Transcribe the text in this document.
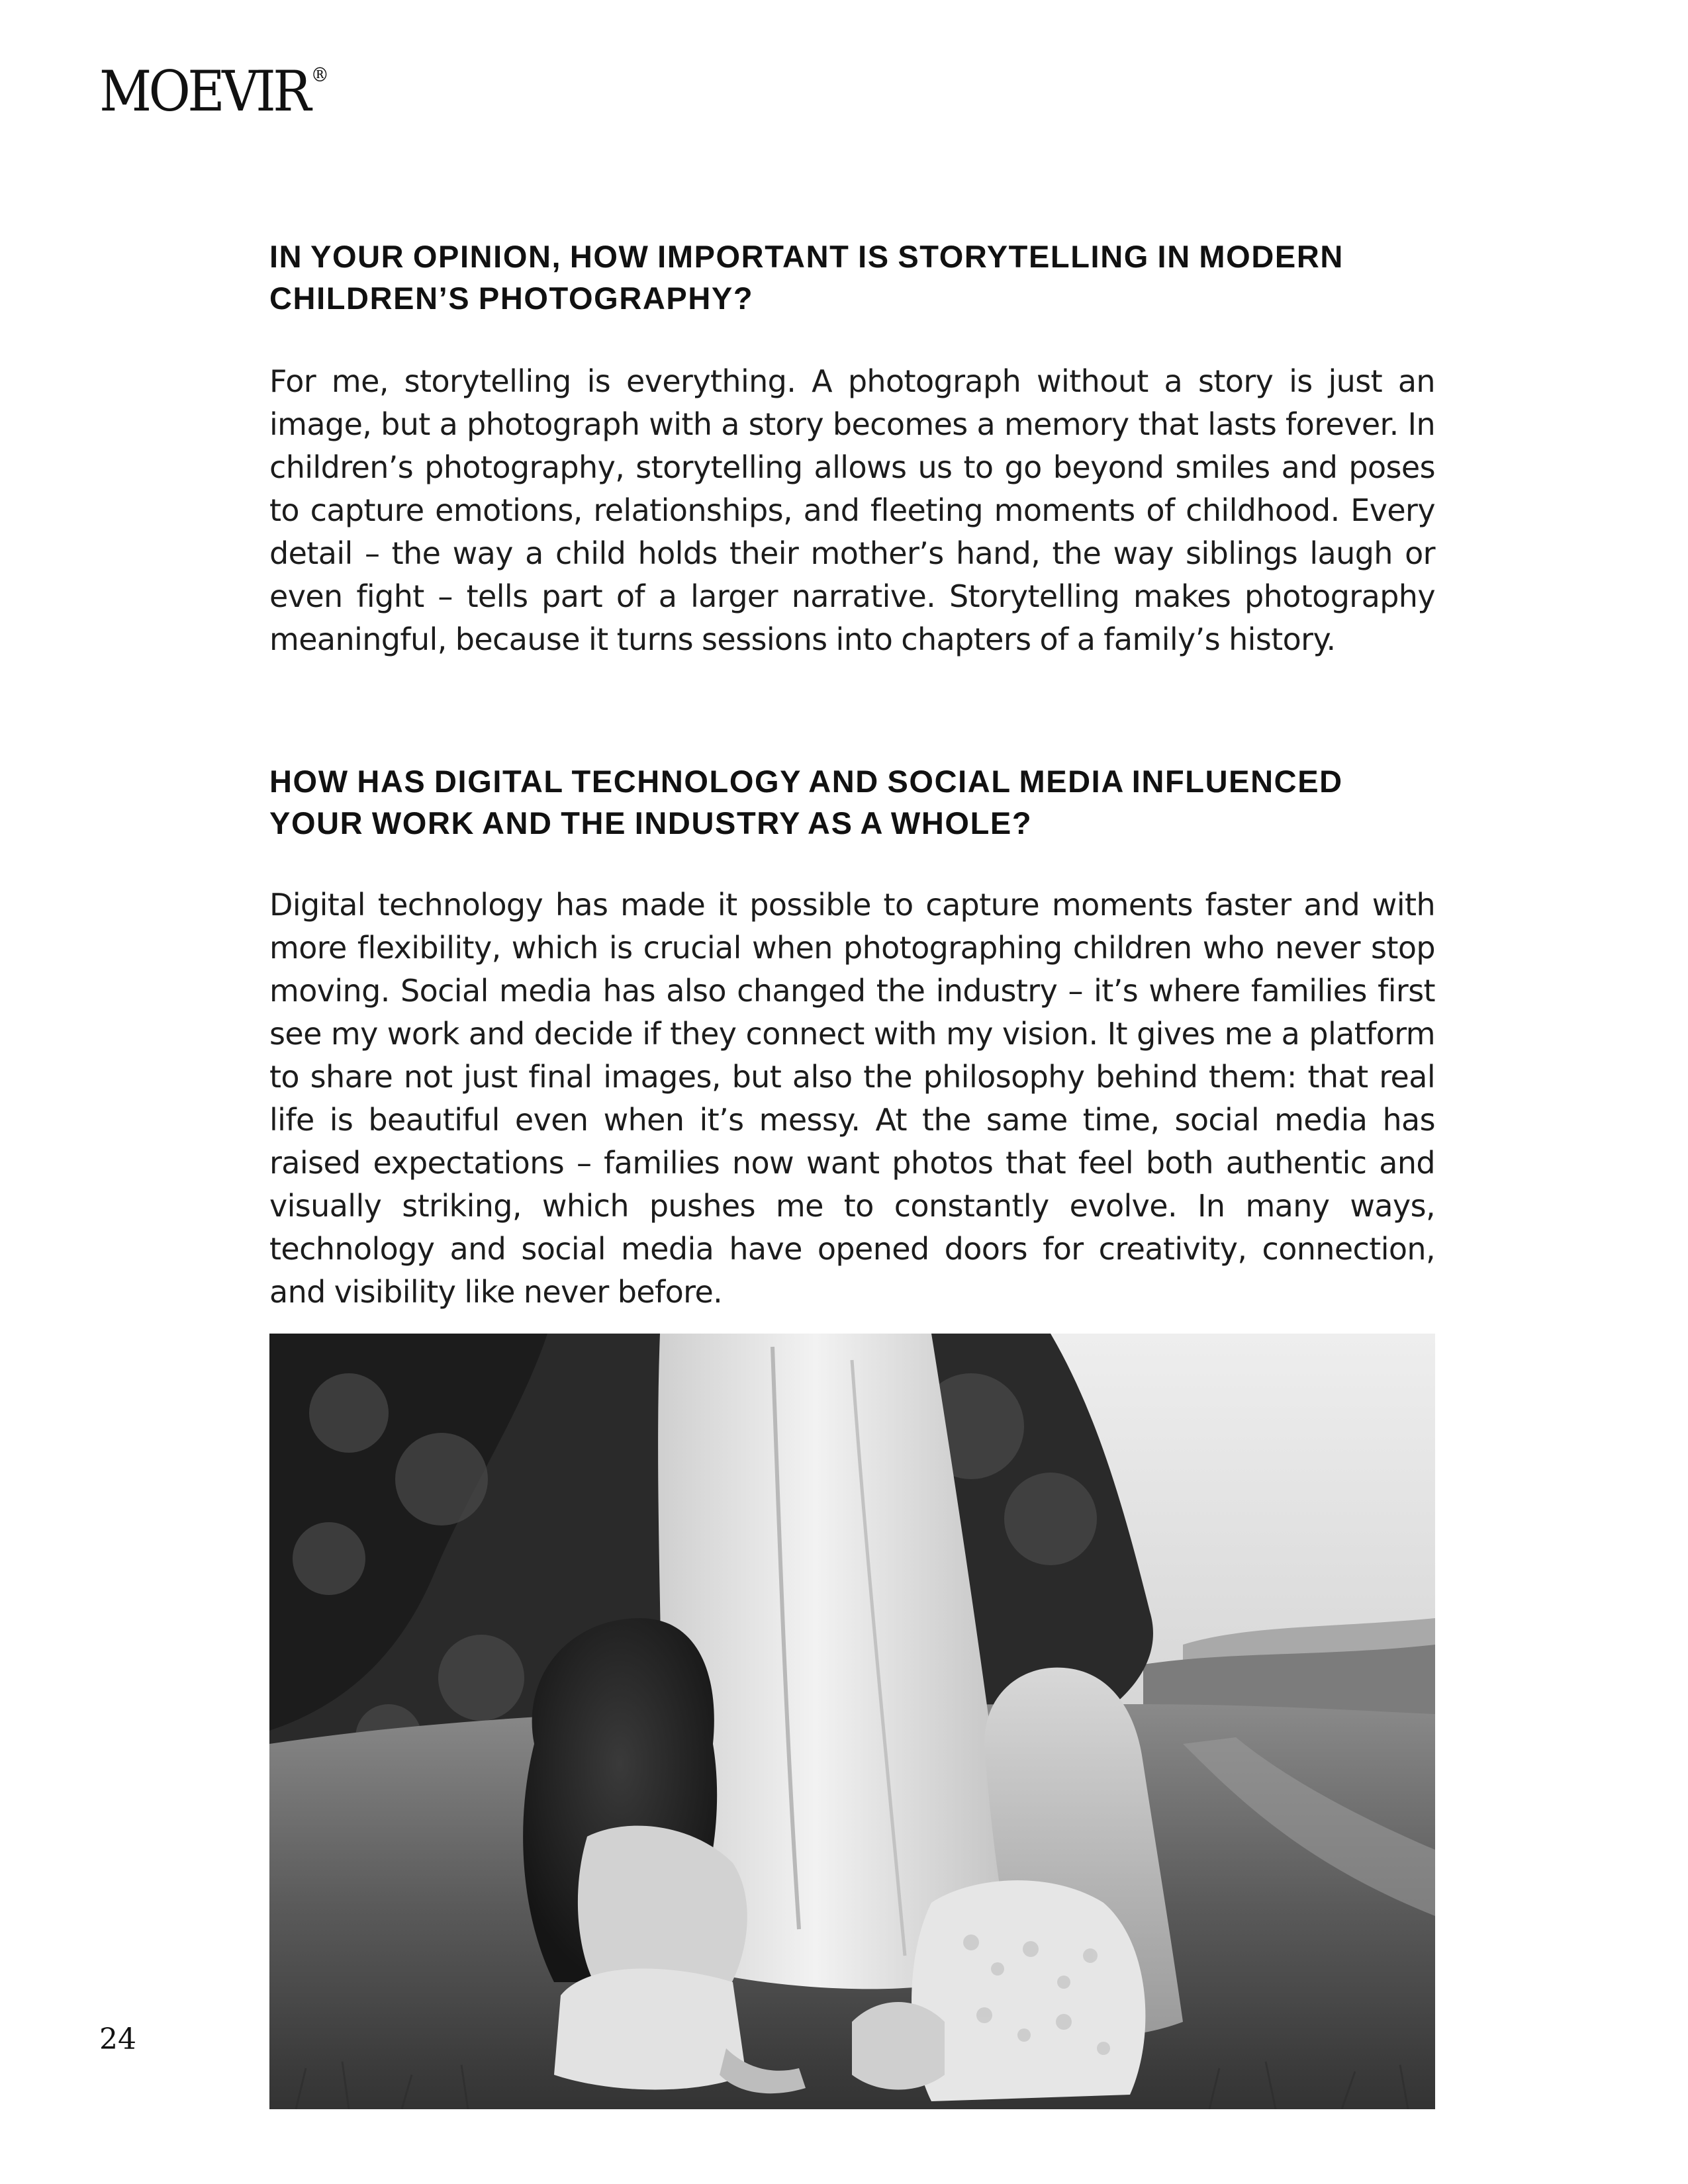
MOEVIR ®
IN YOUR OPINION, HOW IMPORTANT IS STORYTELLING IN MODERN CHILDREN’S PHOTOGRAPHY?

For me, storytelling is everything. A photograph without a story is just an image, but a photograph with a story becomes a memory that lasts forever. In children’s photography, storytelling allows us to go beyond smiles and poses to capture emotions, relationships, and fleeting moments of childhood. Every detail – the way a child holds their mother’s hand, the way siblings laugh or even fight – tells part of a larger narrative. Storytelling makes photography meaningful, because it turns sessions into chapters of a family’s history.

HOW HAS DIGITAL TECHNOLOGY AND SOCIAL MEDIA INFLUENCED YOUR WORK AND THE INDUSTRY AS A WHOLE?

Digital technology has made it possible to capture moments faster and with more flexibility, which is crucial when photographing children who never stop moving. Social media has also changed the industry – it’s where families first see my work and decide if they connect with my vision. It gives me a platform to share not just final images, but also the philosophy behind them: that real life is beautiful even when it’s messy. At the same time, social media has raised expectations – families now want photos that feel both authentic and visually striking, which pushes me to constantly evolve. In many ways, technology and social media have opened doors for creativity, connection, and visibility like never before.

24
